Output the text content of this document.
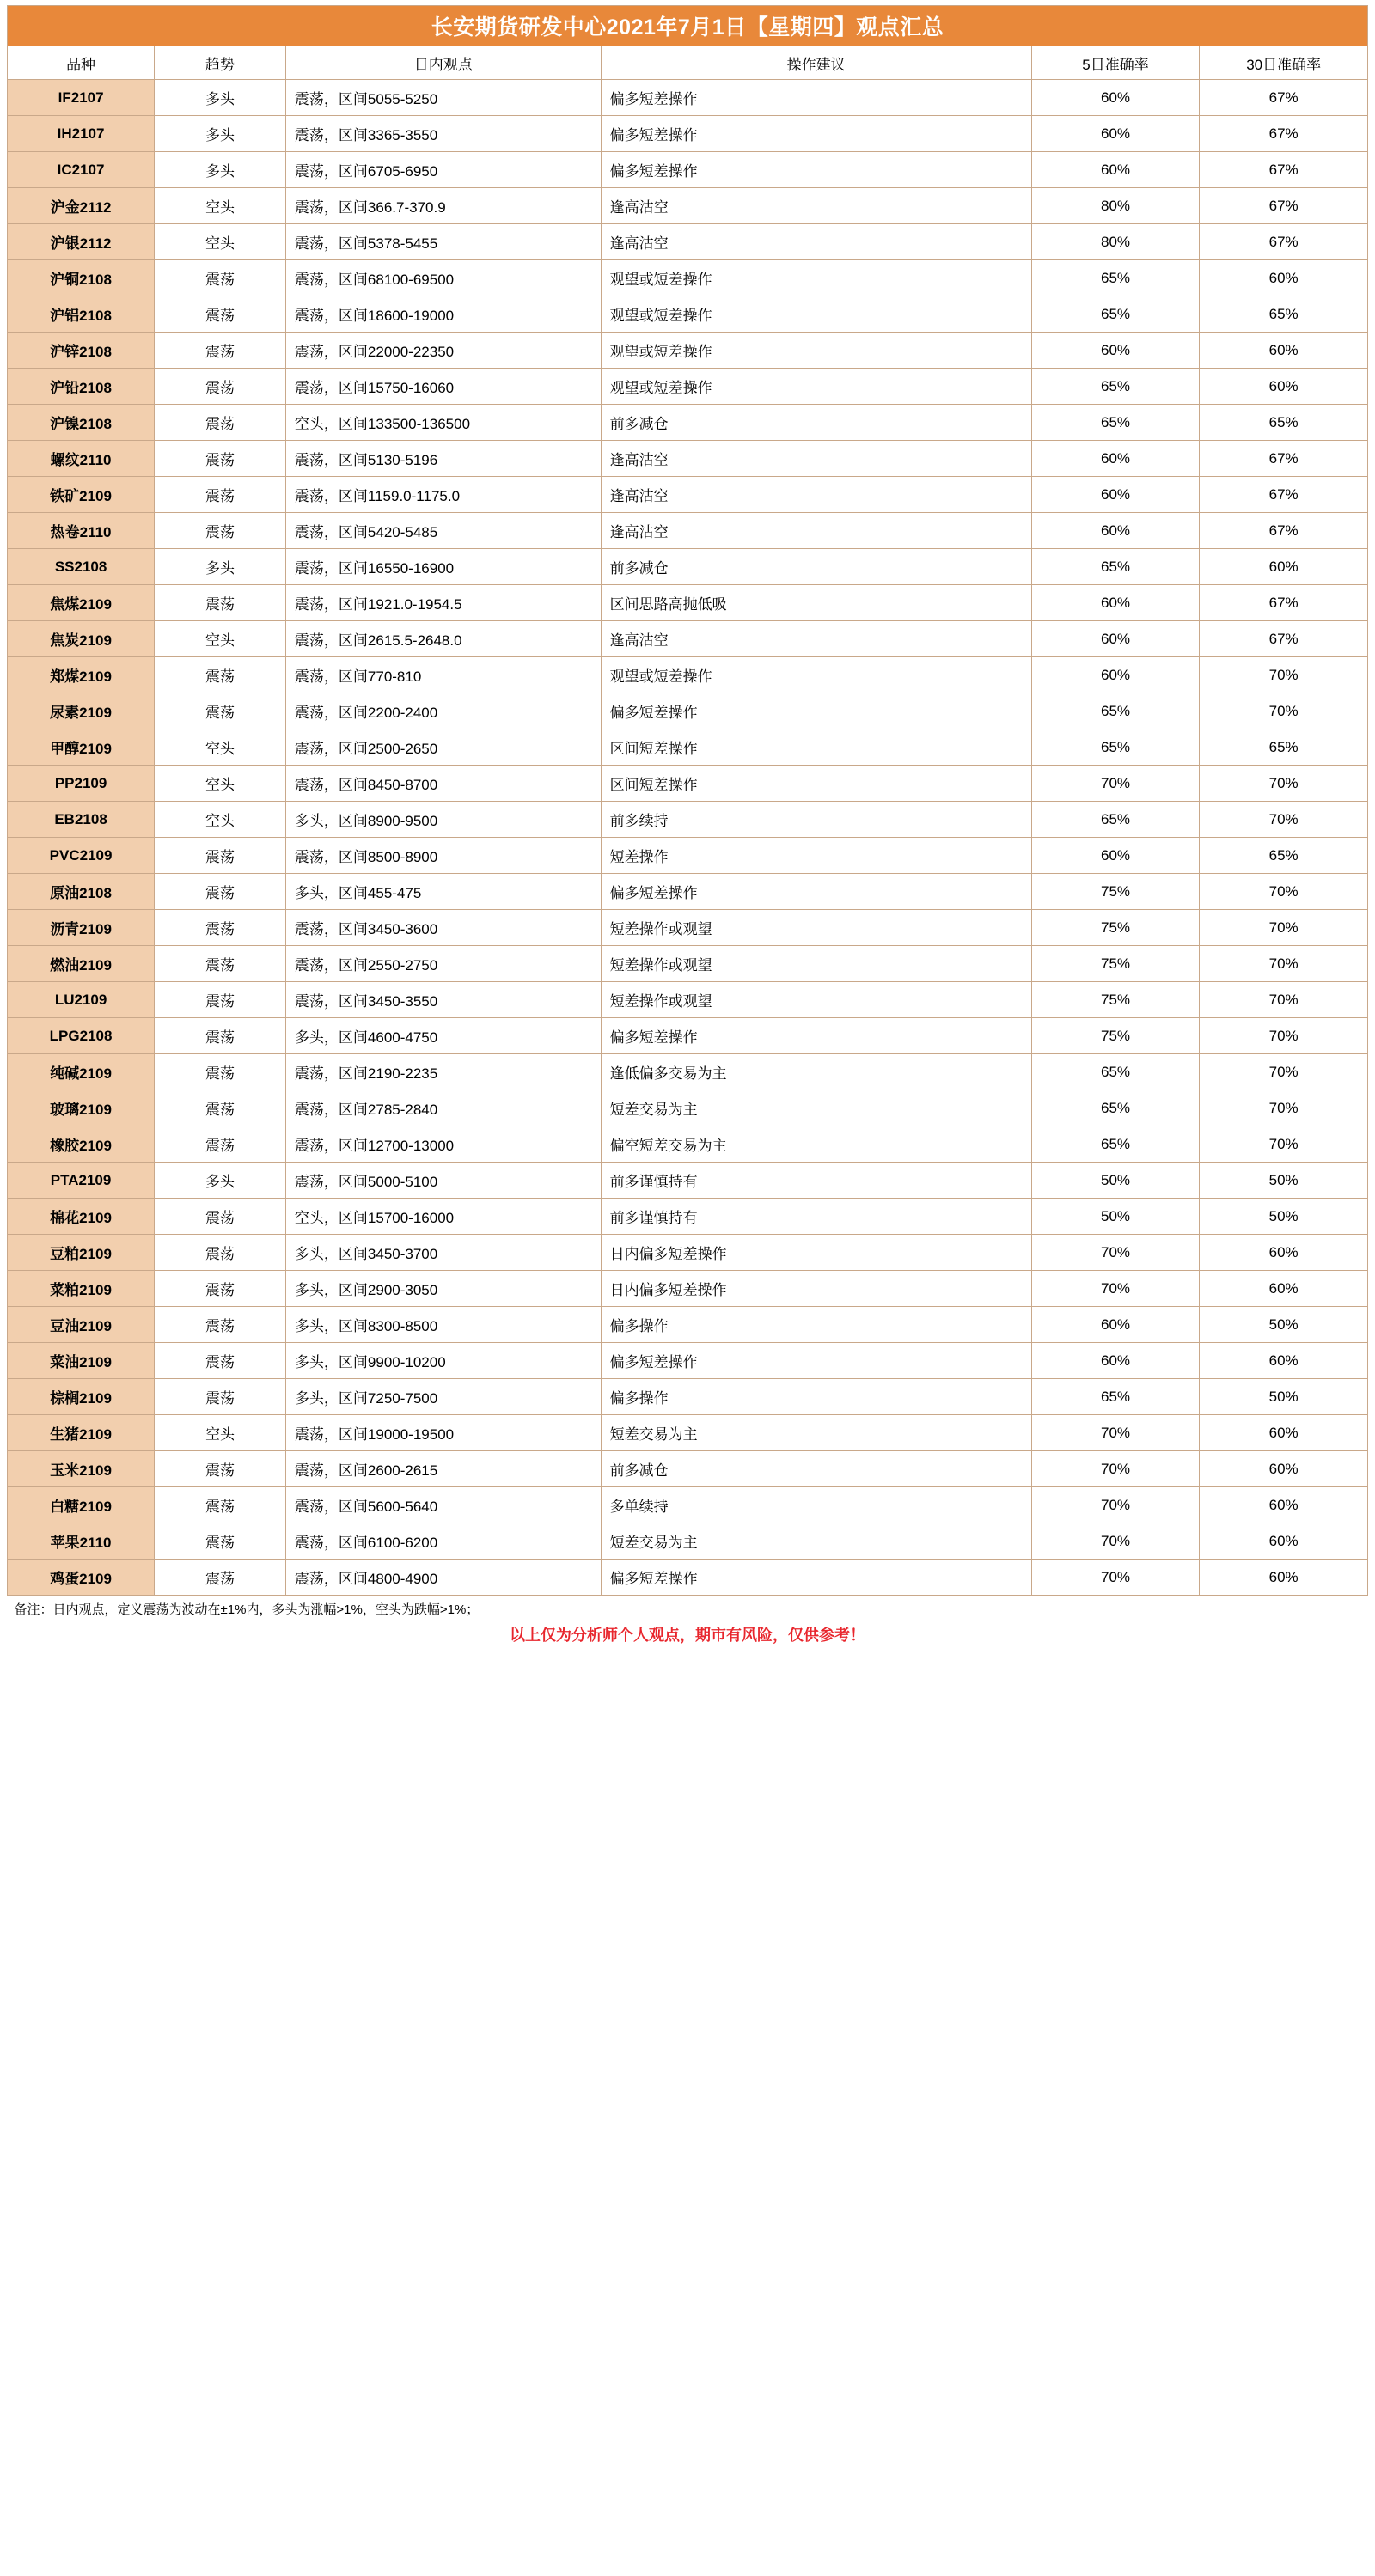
长安期货研发中心2021年7月1日【星期四】观点汇总					
品种	趋势	日内观点	操作建议	5日准确率	30日准确率
IF2107	多头	震荡，区间5055-5250	偏多短差操作	60%	67%
IH2107	多头	震荡，区间3365-3550	偏多短差操作	60%	67%
IC2107	多头	震荡，区间6705-6950	偏多短差操作	60%	67%
沪金2112	空头	震荡，区间366.7-370.9	逢高沽空	80%	67%
沪银2112	空头	震荡，区间5378-5455	逢高沽空	80%	67%
沪铜2108	震荡	震荡，区间68100-69500	观望或短差操作	65%	60%
沪铝2108	震荡	震荡，区间18600-19000	观望或短差操作	65%	65%
沪锌2108	震荡	震荡，区间22000-22350	观望或短差操作	60%	60%
沪铅2108	震荡	震荡，区间15750-16060	观望或短差操作	65%	60%
沪镍2108	震荡	空头，区间133500-136500	前多减仓	65%	65%
螺纹2110	震荡	震荡，区间5130-5196	逢高沽空	60%	67%
铁矿2109	震荡	震荡，区间1159.0-1175.0	逢高沽空	60%	67%
热卷2110	震荡	震荡，区间5420-5485	逢高沽空	60%	67%
SS2108	多头	震荡，区间16550-16900	前多减仓	65%	60%
焦煤2109	震荡	震荡，区间1921.0-1954.5	区间思路高抛低吸	60%	67%
焦炭2109	空头	震荡，区间2615.5-2648.0	逢高沽空	60%	67%
郑煤2109	震荡	震荡，区间770-810	观望或短差操作	60%	70%
尿素2109	震荡	震荡，区间2200-2400	偏多短差操作	65%	70%
甲醇2109	空头	震荡，区间2500-2650	区间短差操作	65%	65%
PP2109	空头	震荡，区间8450-8700	区间短差操作	70%	70%
EB2108	空头	多头，区间8900-9500	前多续持	65%	70%
PVC2109	震荡	震荡，区间8500-8900	短差操作	60%	65%
原油2108	震荡	多头，区间455-475	偏多短差操作	75%	70%
沥青2109	震荡	震荡，区间3450-3600	短差操作或观望	75%	70%
燃油2109	震荡	震荡，区间2550-2750	短差操作或观望	75%	70%
LU2109	震荡	震荡，区间3450-3550	短差操作或观望	75%	70%
LPG2108	震荡	多头，区间4600-4750	偏多短差操作	75%	70%
纯碱2109	震荡	震荡，区间2190-2235	逢低偏多交易为主	65%	70%
玻璃2109	震荡	震荡，区间2785-2840	短差交易为主	65%	70%
橡胶2109	震荡	震荡，区间12700-13000	偏空短差交易为主	65%	70%
PTA2109	多头	震荡，区间5000-5100	前多谨慎持有	50%	50%
棉花2109	震荡	空头，区间15700-16000	前多谨慎持有	50%	50%
豆粕2109	震荡	多头，区间3450-3700	日内偏多短差操作	70%	60%
菜粕2109	震荡	多头，区间2900-3050	日内偏多短差操作	70%	60%
豆油2109	震荡	多头，区间8300-8500	偏多操作	60%	50%
菜油2109	震荡	多头，区间9900-10200	偏多短差操作	60%	60%
棕榈2109	震荡	多头，区间7250-7500	偏多操作	65%	50%
生猪2109	空头	震荡，区间19000-19500	短差交易为主	70%	60%
玉米2109	震荡	震荡，区间2600-2615	前多减仓	70%	60%
白糖2109	震荡	震荡，区间5600-5640	多单续持	70%	60%
苹果2110	震荡	震荡，区间6100-6200	短差交易为主	70%	60%
鸡蛋2109	震荡	震荡，区间4800-4900	偏多短差操作	70%	60%
备注：日内观点，定义震荡为波动在±1%内，多头为涨幅>1%，空头为跌幅>1%；					
以上仅为分析师个人观点，期市有风险，仅供参考！					
